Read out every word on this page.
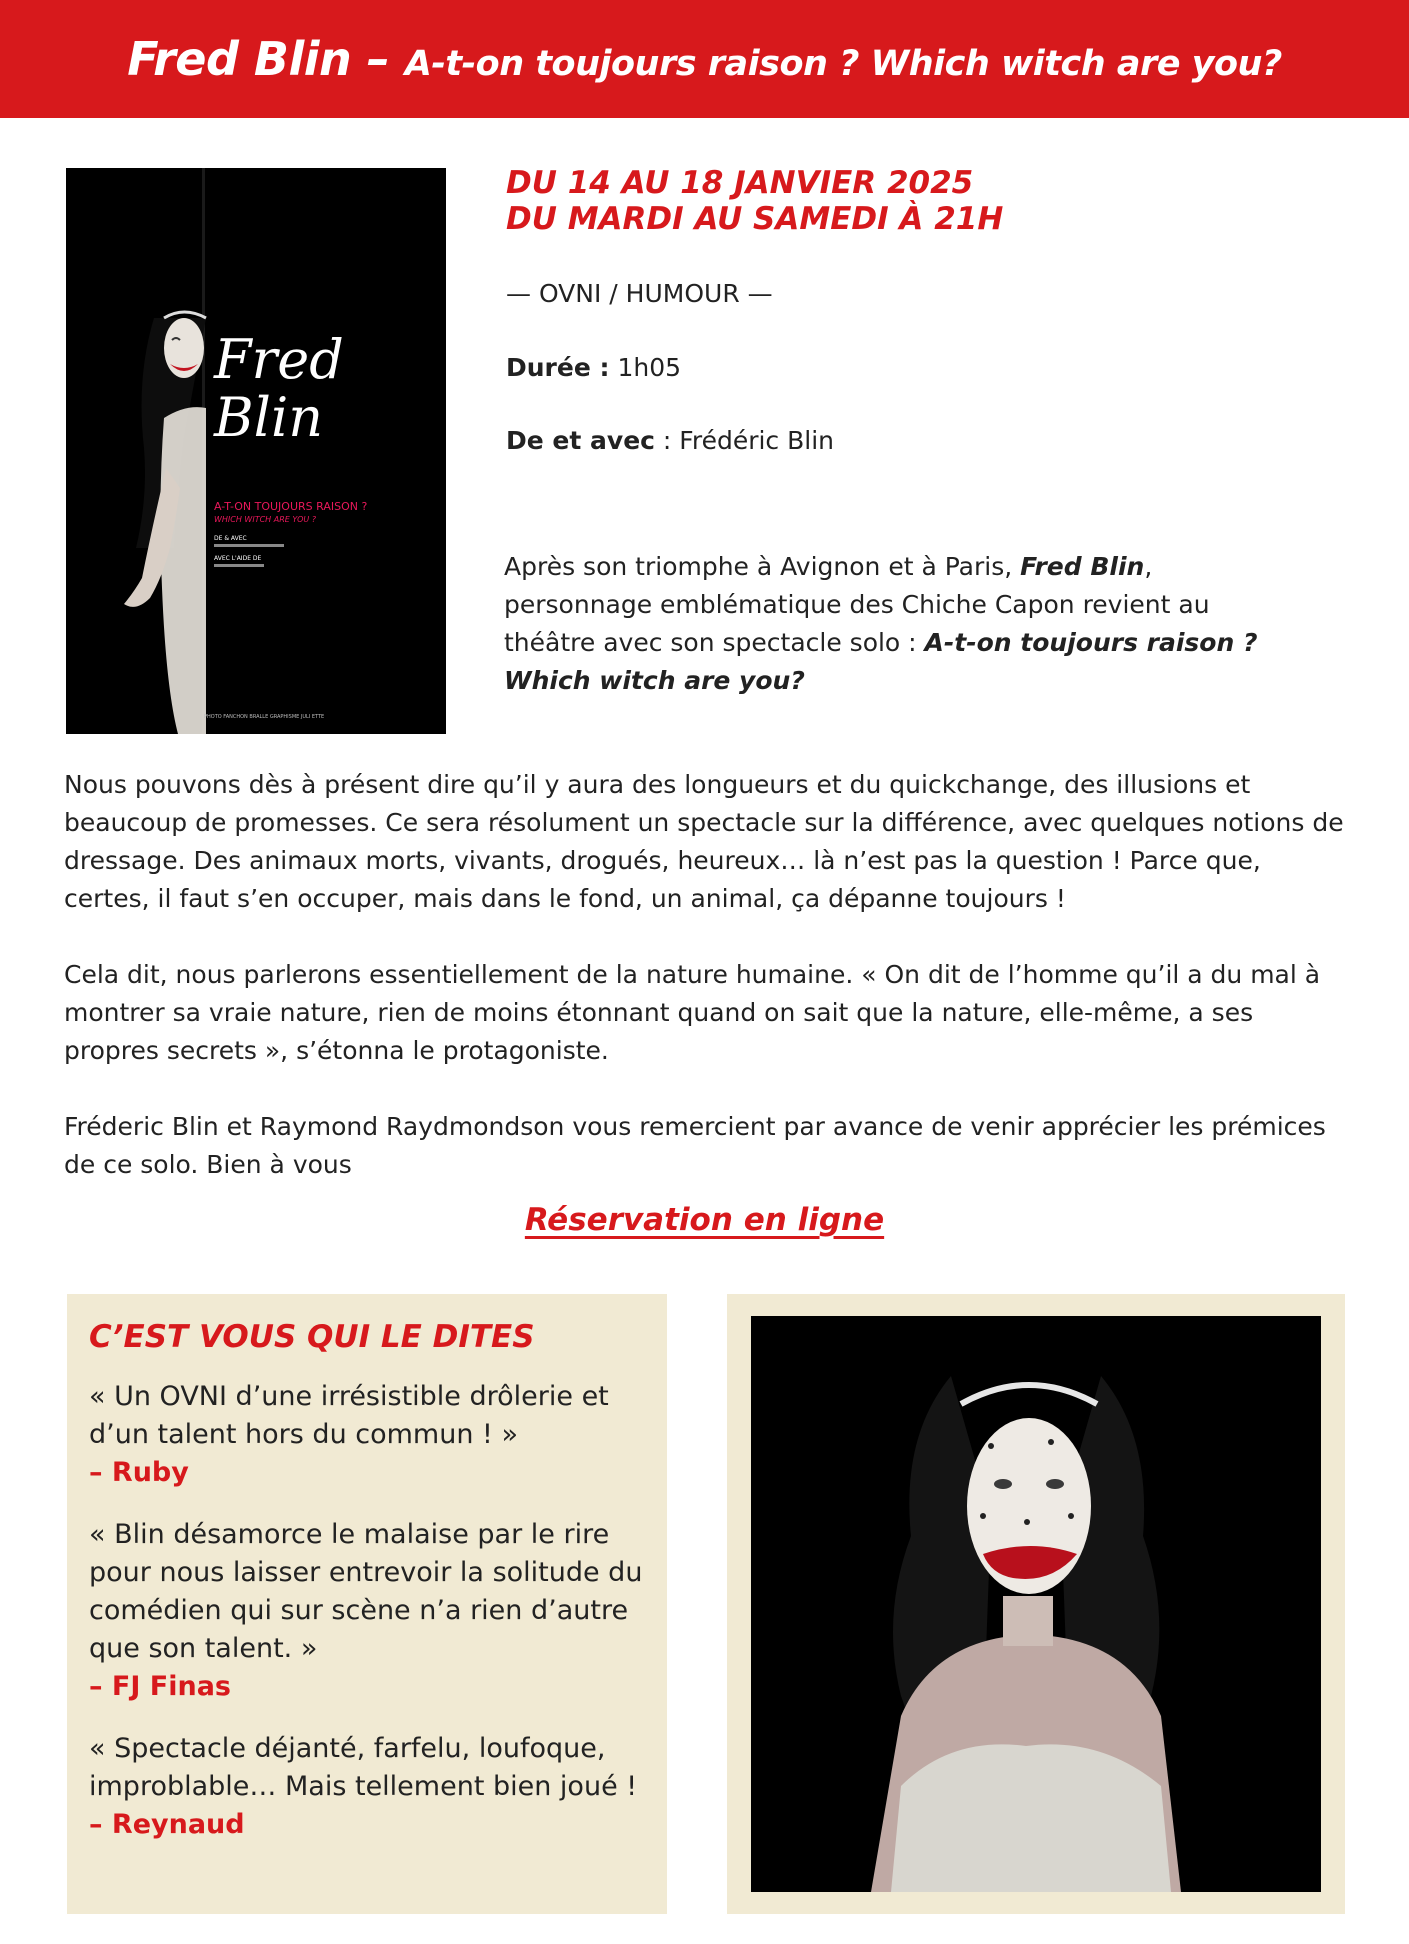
Fred Blin – A-t-on toujours raison ? Which witch are you?
Fred
Blin
A-T-ON TOUJOURS RAISON ?
WHICH WITCH ARE YOU ?
DE & AVEC
AVEC L'AIDE DE
PHOTO FANCHON BRALLE GRAPHISME JULI ETTE
DU 14 AU 18 JANVIER 2025
DU MARDI AU SAMEDI À 21H
— OVNI / HUMOUR —
Durée : 1h05
De et avec : Frédéric Blin

Après son triomphe à Avignon et à Paris, Fred Blin, personnage emblématique des Chiche Capon revient au théâtre avec son spectacle solo : A-t-on toujours raison ? Which witch are you?

Nous pouvons dès à présent dire qu’il y aura des longueurs et du quickchange, des illusions et beaucoup de promesses. Ce sera résolument un spectacle sur la différence, avec quelques notions de dressage. Des animaux morts, vivants, drogués, heureux… là n’est pas la question ! Parce que, certes, il faut s’en occuper, mais dans le fond, un animal, ça dépanne toujours !

Cela dit, nous parlerons essentiellement de la nature humaine. « On dit de l’homme qu’il a du mal à montrer sa vraie nature, rien de moins étonnant quand on sait que la nature, elle-même, a ses propres secrets », s’étonna le protagoniste.

Fréderic Blin et Raymond Raydmondson vous remercient par avance de venir apprécier les prémices de ce solo. Bien à vous

Réservation en ligne
C’EST VOUS QUI LE DITES
« Un OVNI d’une irrésistible drôlerie et d’un talent hors du commun ! »
– Ruby
« Blin désamorce le malaise par le rire pour nous laisser entrevoir la solitude du comédien qui sur scène n’a rien d’autre que son talent. »
– FJ Finas
« Spectacle déjanté, farfelu, loufoque, improblable… Mais tellement bien joué !
– Reynaud
